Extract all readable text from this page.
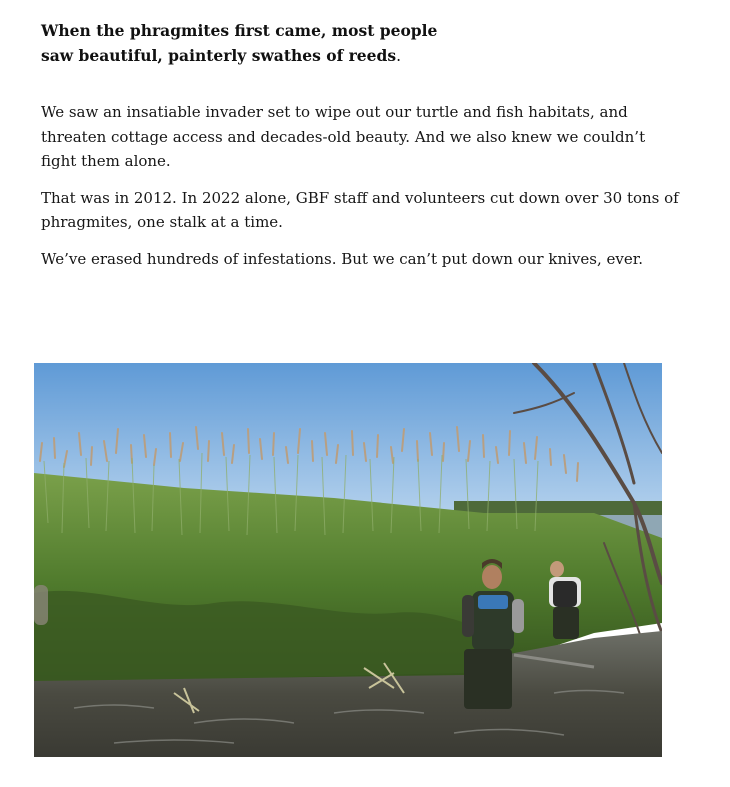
When the phragmites first came, most people saw beautiful, painterly swathes of reeds.

We saw an insatiable invader set to wipe out our turtle and fish habitats, and threaten cottage access and decades-old beauty. And we also knew we couldn’t fight them alone.

That was in 2012. In 2022 alone, GBF staff and volunteers cut down over 30 tons of phragmites, one stalk at a time.

We’ve erased hundreds of infestations. But we can’t put down our knives, ever.
